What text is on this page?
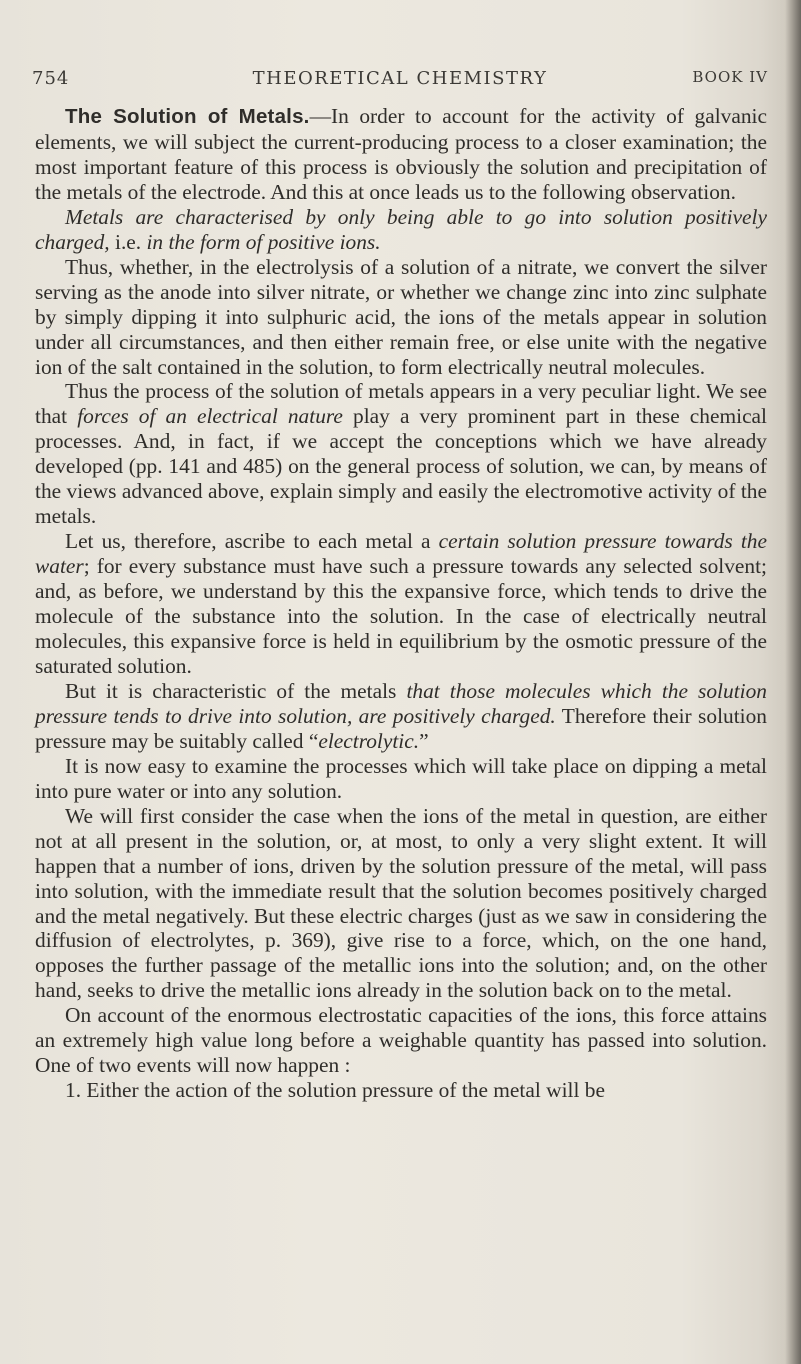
754	THEORETICAL CHEMISTRY	BOOK IV

The Solution of Metals.—In order to account for the activity of galvanic elements, we will subject the current-producing process to a closer examination; the most important feature of this process is obviously the solution and precipitation of the metals of the electrode. And this at once leads us to the following observation.

Metals are characterised by only being able to go into solution positively charged, i.e. in the form of positive ions.

Thus, whether, in the electrolysis of a solution of a nitrate, we convert the silver serving as the anode into silver nitrate, or whether we change zinc into zinc sulphate by simply dipping it into sulphuric acid, the ions of the metals appear in solution under all circumstances, and then either remain free, or else unite with the negative ion of the salt contained in the solution, to form electrically neutral molecules.

Thus the process of the solution of metals appears in a very peculiar light. We see that forces of an electrical nature play a very prominent part in these chemical processes. And, in fact, if we accept the conceptions which we have already developed (pp. 141 and 485) on the general process of solution, we can, by means of the views advanced above, explain simply and easily the electromotive activity of the metals.

Let us, therefore, ascribe to each metal a certain solution pressure towards the water; for every substance must have such a pressure towards any selected solvent; and, as before, we understand by this the expansive force, which tends to drive the molecule of the substance into the solution. In the case of electrically neutral molecules, this expansive force is held in equilibrium by the osmotic pressure of the saturated solution.

But it is characteristic of the metals that those molecules which the solution pressure tends to drive into solution, are positively charged. Therefore their solution pressure may be suitably called “electrolytic.”

It is now easy to examine the processes which will take place on dipping a metal into pure water or into any solution.

We will first consider the case when the ions of the metal in question, are either not at all present in the solution, or, at most, to only a very slight extent. It will happen that a number of ions, driven by the solution pressure of the metal, will pass into solution, with the immediate result that the solution becomes positively charged and the metal negatively. But these electric charges (just as we saw in considering the diffusion of electrolytes, p. 369), give rise to a force, which, on the one hand, opposes the further passage of the metallic ions into the solution; and, on the other hand, seeks to drive the metallic ions already in the solution back on to the metal.

On account of the enormous electrostatic capacities of the ions, this force attains an extremely high value long before a weighable quantity has passed into solution. One of two events will now happen :

1. Either the action of the solution pressure of the metal will be
